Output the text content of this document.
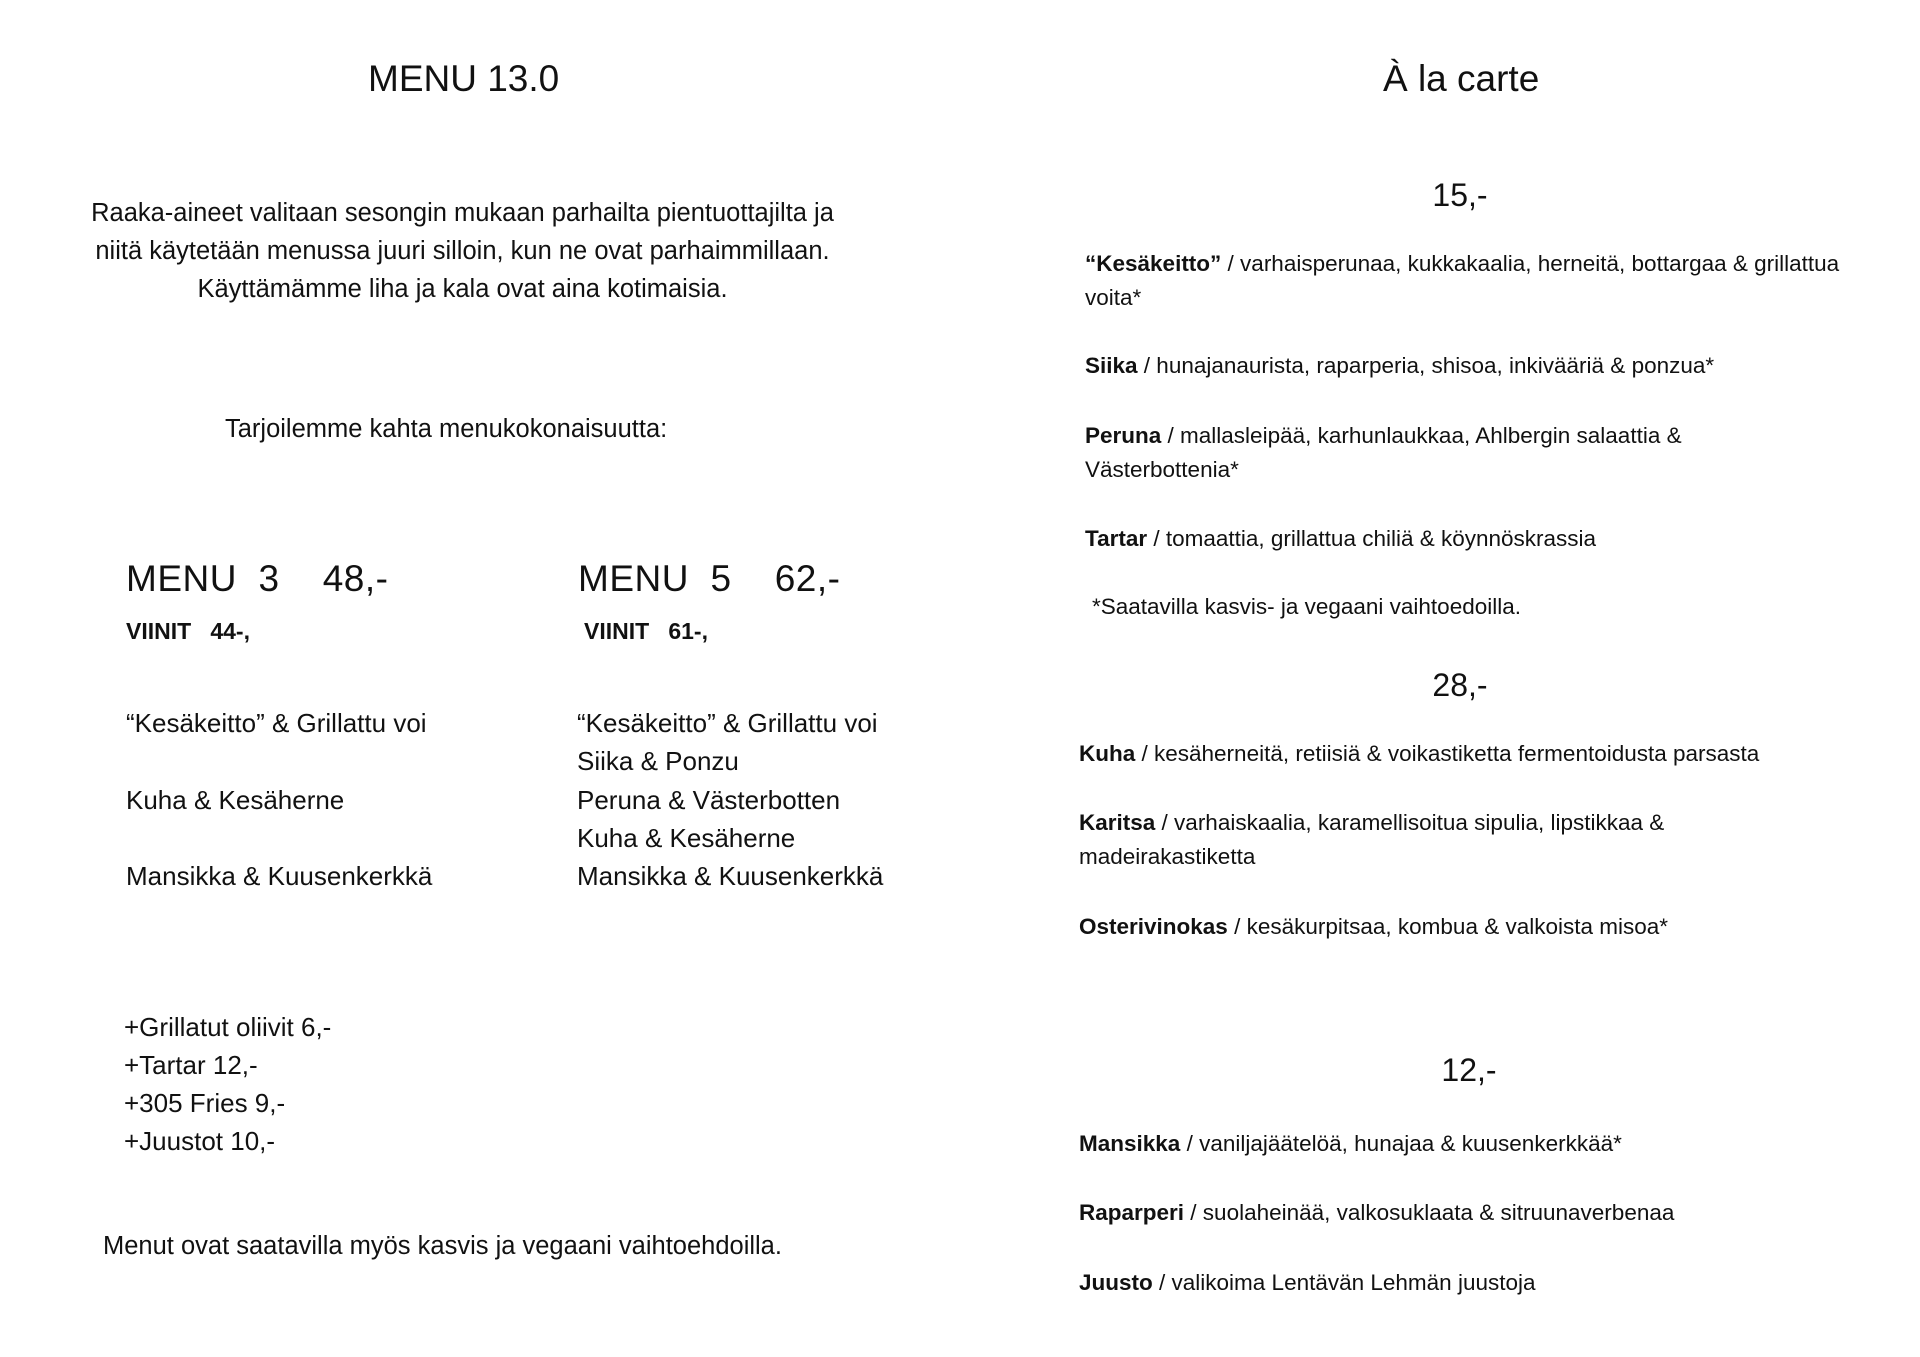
MENU 13.0
Raaka-aineet valitaan sesongin mukaan parhailta pientuottajilta ja
niitä käytetään menussa juuri silloin, kun ne ovat parhaimmillaan.
Käyttämämme liha ja kala ovat aina kotimaisia.
Tarjoilemme kahta menukokonaisuutta:
MENU  3    48,-
VIINIT   44-,
“Kesäkeitto” & Grillattu voi
Kuha & Kesäherne
Mansikka & Kuusenkerkkä
MENU  5    62,-
VIINIT   61-,
“Kesäkeitto” & Grillattu voi
Siika & Ponzu
Peruna & Västerbotten
Kuha & Kesäherne
Mansikka & Kuusenkerkkä
+Grillatut oliivit 6,-
+Tartar 12,-
+305 Fries 9,-
+Juustot 10,-
Menut ovat saatavilla myös kasvis ja vegaani vaihtoehdoilla.
À la carte
15,-
“Kesäkeitto” / varhaisperunaa, kukkakaalia, herneitä, bottargaa & grillattua voita*
Siika / hunajanaurista, raparperia, shisoa, inkivääriä & ponzua*
Peruna / mallasleipää, karhunlaukkaa, Ahlbergin salaattia & Västerbottenia*
Tartar / tomaattia, grillattua chiliä & köynnöskrassia
*Saatavilla kasvis- ja vegaani vaihtoedoilla.
28,-
Kuha / kesäherneitä, retiisiä & voikastiketta fermentoidusta parsasta
Karitsa / varhaiskaalia, karamellisoitua sipulia, lipstikkaa & madeirakastiketta
Osterivinokas / kesäkurpitsaa, kombua & valkoista misoa*
12,-
Mansikka / vaniljajäätelöä, hunajaa & kuusenkerkkää*
Raparperi / suolaheinää, valkosuklaata & sitruunaverbenaa
Juusto / valikoima Lentävän Lehmän juustoja
